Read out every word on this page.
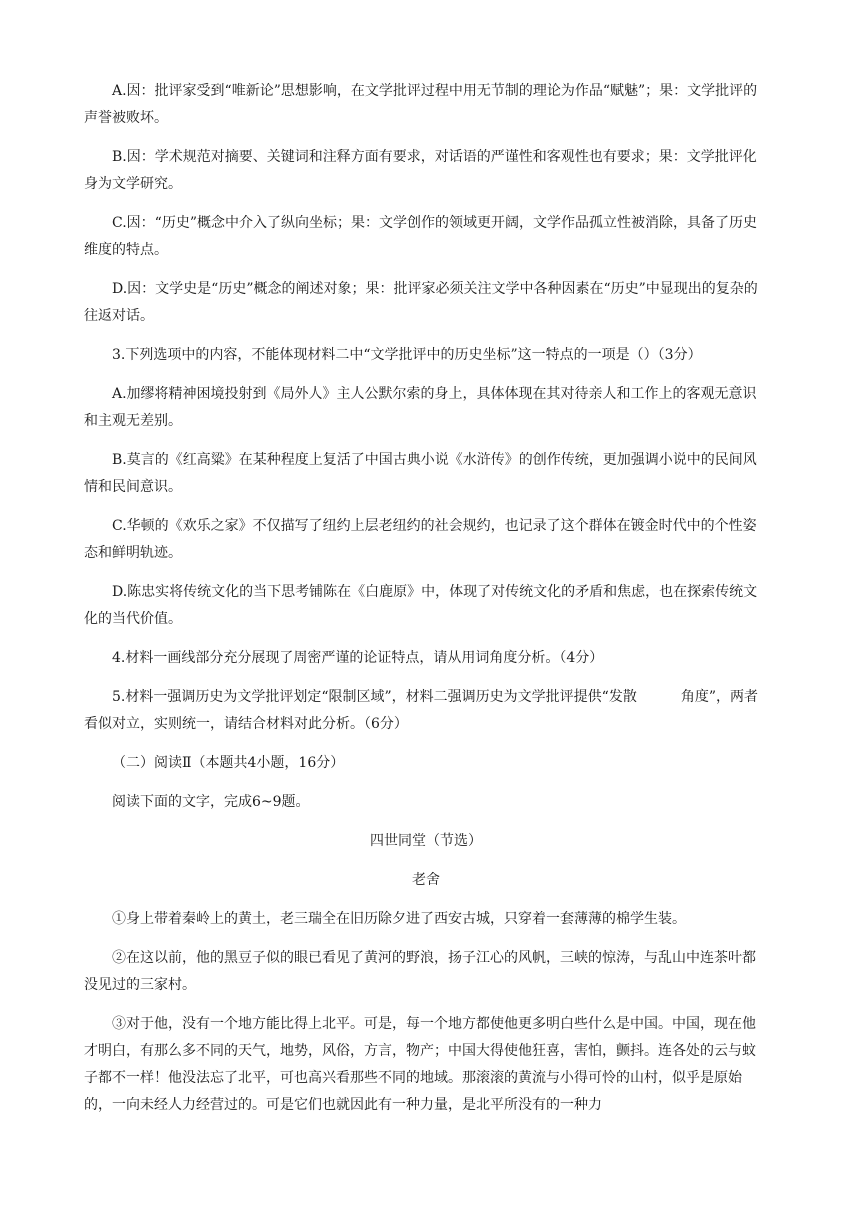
A.因：批评家受到“唯新论”思想影响，在文学批评过程中用无节制的理论为作品“赋魅”；果：文学批评的声誉被败坏。

B.因：学术规范对摘要、关键词和注释方面有要求，对话语的严谨性和客观性也有要求；果：文学批评化身为文学研究。

C.因：“历史”概念中介入了纵向坐标；果：文学创作的领域更开阔，文学作品孤立性被消除，具备了历史维度的特点。

D.因：文学史是“历史”概念的阐述对象；果：批评家必须关注文学中各种因素在“历史”中显现出的复杂的往返对话。

3.下列选项中的内容，不能体现材料二中“文学批评中的历史坐标”这一特点的一项是（）（3分）

A.加缪将精神困境投射到《局外人》主人公默尔索的身上，具体体现在其对待亲人和工作上的客观无意识和主观无差别。

B.莫言的《红高粱》在某种程度上复活了中国古典小说《水浒传》的创作传统，更加强调小说中的民间风情和民间意识。

C.华顿的《欢乐之家》不仅描写了纽约上层老纽约的社会规约，也记录了这个群体在镀金时代中的个性姿态和鲜明轨迹。

D.陈忠实将传统文化的当下思考铺陈在《白鹿原》中，体现了对传统文化的矛盾和焦虑，也在探索传统文化的当代价值。

4.材料一画线部分充分展现了周密严谨的论证特点，请从用词角度分析。（4分）

5.材料一强调历史为文学批评划定“限制区域”，材料二强调历史为文学批评提供“发散	角度”，两者看似对立，实则统一，请结合材料对此分析。（6分）

（二）阅读Ⅱ（本题共4小题，16分）

阅读下面的文字，完成6~9题。

四世同堂（节选）

老舍

①身上带着秦岭上的黄土，老三瑞全在旧历除夕进了西安古城，只穿着一套薄薄的棉学生装。

②在这以前，他的黑豆子似的眼已看见了黄河的野浪，扬子江心的风帆，三峡的惊涛，与乱山中连茶叶都没见过的三家村。

③对于他，没有一个地方能比得上北平。可是，每一个地方都使他更多明白些什么是中国。中国，现在他才明白，有那么多不同的天气，地势，风俗，方言，物产；中国大得使他狂喜，害怕，颤抖。连各处的云与蚊子都不一样！他没法忘了北平，可也高兴看那些不同的地域。那滚滚的黄流与小得可怜的山村，似乎是原始的，一向未经人力经营过的。可是它们也就因此有一种力量，是北平所没有的一种力
